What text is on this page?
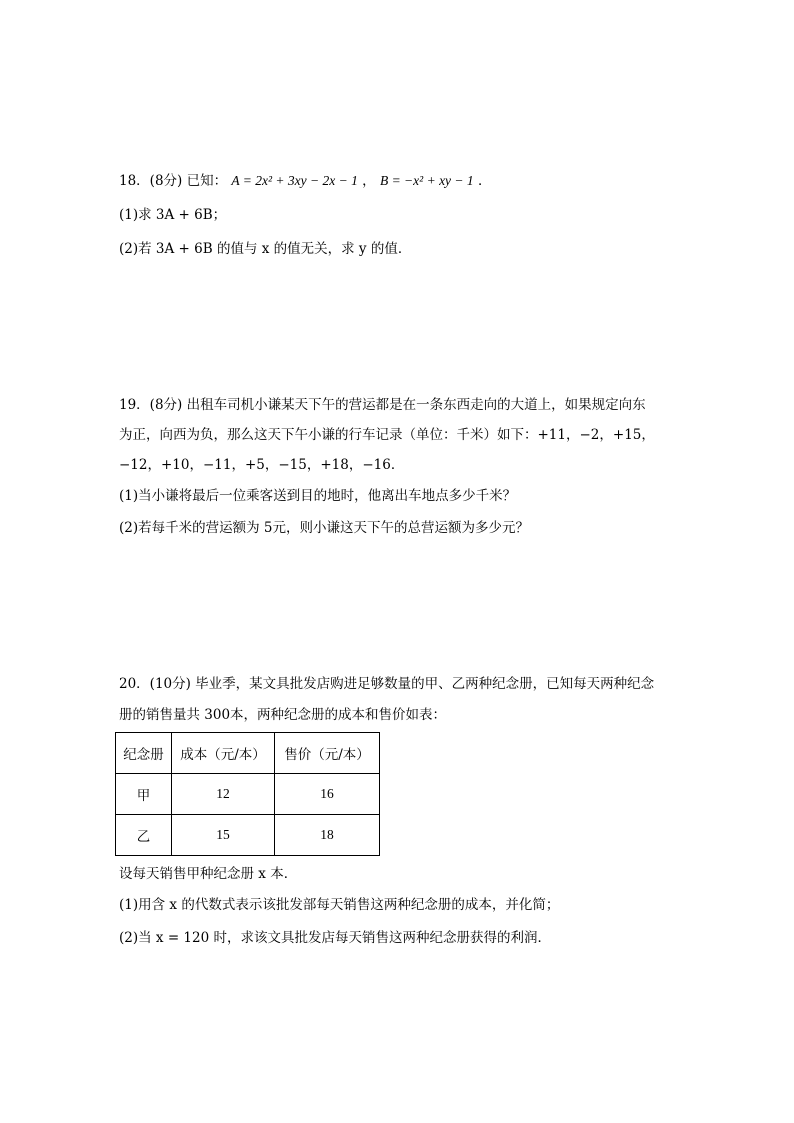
18．(8分) 已知： A = 2x² + 3xy − 2x − 1 ， B = −x² + xy − 1 ．
(1)求 3A + 6B；
(2)若 3A + 6B 的值与 x 的值无关，求 y 的值．
19．(8分) 出租车司机小谦某天下午的营运都是在一条东西走向的大道上，如果规定向东
为正，向西为负，那么这天下午小谦的行车记录（单位：千米）如下：+11，−2，+15，
−12，+10，−11，+5，−15，+18，−16．
(1)当小谦将最后一位乘客送到目的地时，他离出车地点多少千米？
(2)若每千米的营运额为 5元，则小谦这天下午的总营运额为多少元？
20．(10分) 毕业季，某文具批发店购进足够数量的甲、乙两种纪念册，已知每天两种纪念
册的销售量共 300本，两种纪念册的成本和售价如表：
纪念册	成本（元/本）	售价（元/本）
甲	12	16
乙	15	18
设每天销售甲种纪念册 x 本．
(1)用含 x 的代数式表示该批发部每天销售这两种纪念册的成本，并化简；
(2)当 x = 120 时，求该文具批发店每天销售这两种纪念册获得的利润．
